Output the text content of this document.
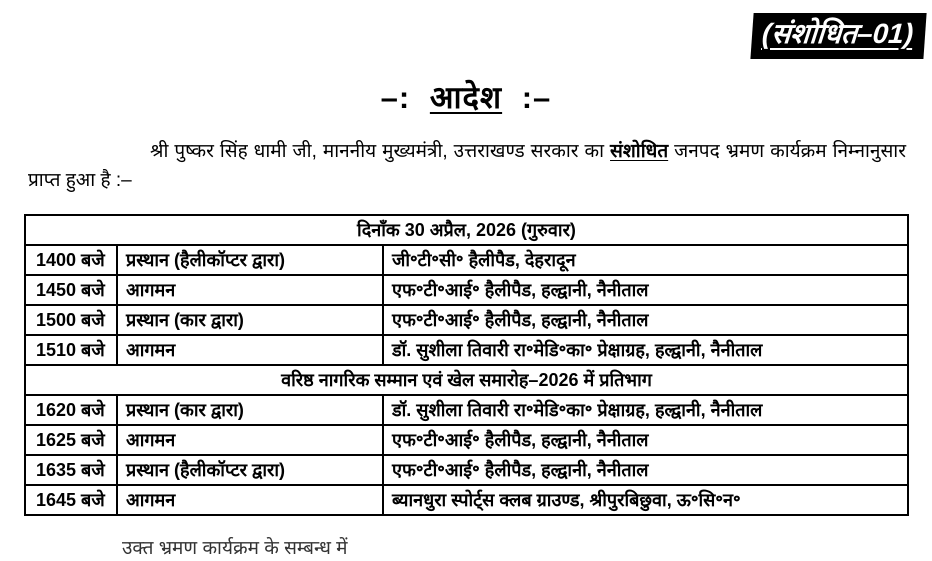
(संशोधित–01)
–: आदेश :–
श्री पुष्कर सिंह धामी जी, माननीय मुख्यमंत्री, उत्तराखण्ड सरकार का संशोधित जनपद भ्रमण कार्यक्रम निम्नानुसार प्राप्त हुआ है :–
दिनाँक 30 अप्रैल, 2026 (गुरुवार)		
1400 बजे	प्रस्थान (हैलीकॉप्टर द्वारा)	जी॰टी॰सी॰ हैलीपैड, देहरादून
1450 बजे	आगमन	एफ॰टी॰आई॰ हैलीपैड, हल्द्वानी, नैनीताल
1500 बजे	प्रस्थान (कार द्वारा)	एफ॰टी॰आई॰ हैलीपैड, हल्द्वानी, नैनीताल
1510 बजे	आगमन	डॉ. सुशीला तिवारी रा॰मेडि॰का॰ प्रेक्षाग्रह, हल्द्वानी, नैनीताल
वरिष्ठ नागरिक सम्मान एवं खेल समारोह–2026 में प्रतिभाग		
1620 बजे	प्रस्थान (कार द्वारा)	डॉ. सुशीला तिवारी रा॰मेडि॰का॰ प्रेक्षाग्रह, हल्द्वानी, नैनीताल
1625 बजे	आगमन	एफ॰टी॰आई॰ हैलीपैड, हल्द्वानी, नैनीताल
1635 बजे	प्रस्थान (हैलीकॉप्टर द्वारा)	एफ॰टी॰आई॰ हैलीपैड, हल्द्वानी, नैनीताल
1645 बजे	आगमन	ब्यानधुरा स्पोर्ट्स क्लब ग्राउण्ड, श्रीपुरबिछुवा, ऊ॰सि॰न॰
उक्त भ्रमण कार्यक्रम के सम्बन्ध में
